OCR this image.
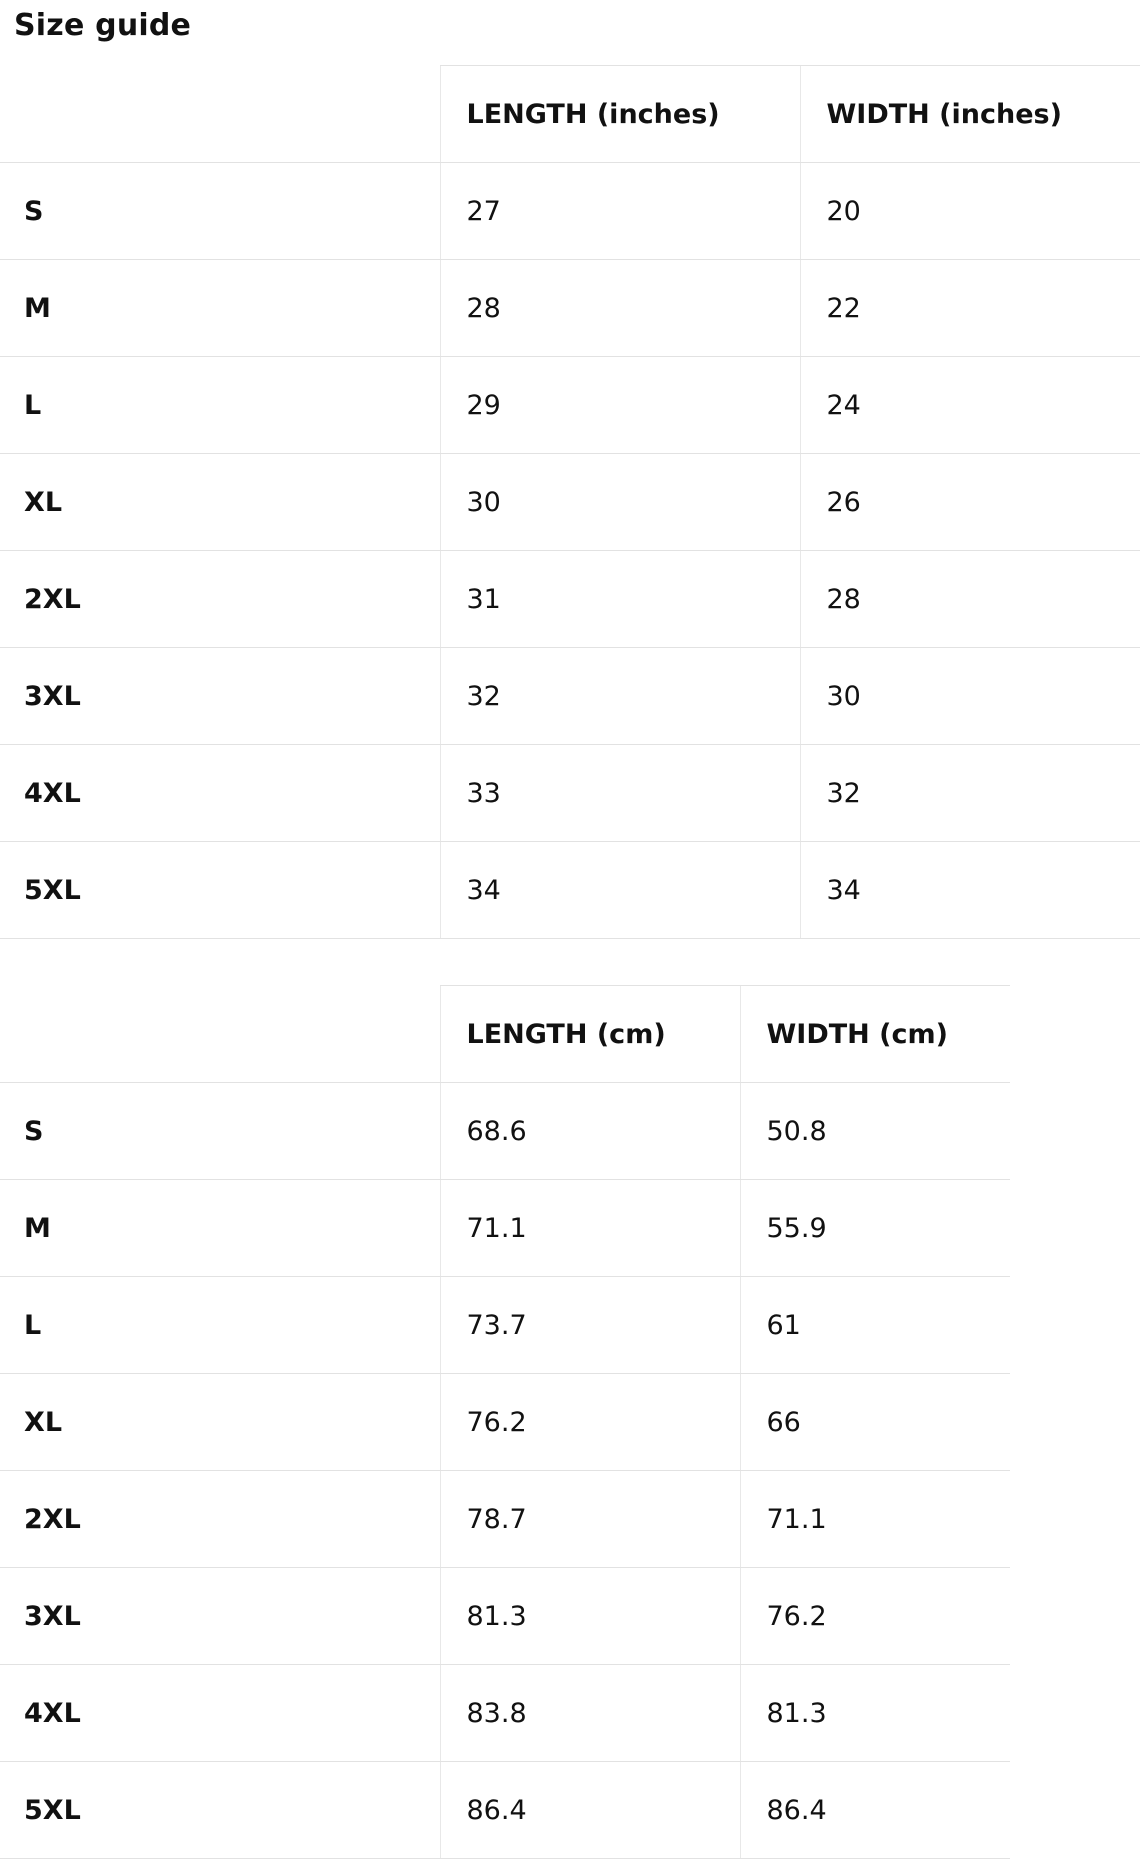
Size guide
	LENGTH (inches)	WIDTH (inches)
S	27	20
M	28	22
L	29	24
XL	30	26
2XL	31	28
3XL	32	30
4XL	33	32
5XL	34	34
	LENGTH (cm)	WIDTH (cm)
S	68.6	50.8
M	71.1	55.9
L	73.7	61
XL	76.2	66
2XL	78.7	71.1
3XL	81.3	76.2
4XL	83.8	81.3
5XL	86.4	86.4
